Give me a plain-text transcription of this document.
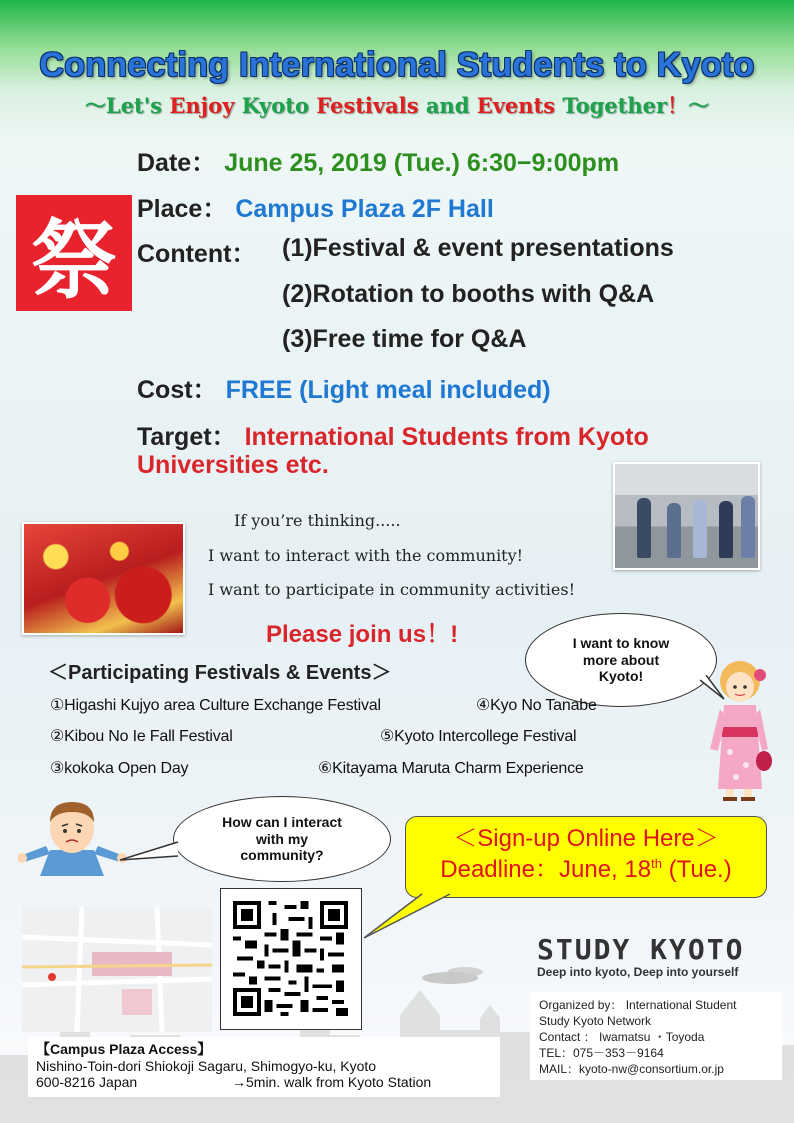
Connecting International Students to Kyoto
～Let's Enjoy Kyoto Festivals and Events Together！～
祭
Date： June 25, 2019 (Tue.) 6:30−9:00pm
Place： Campus Plaza 2F Hall
Content： (1)Festival & event presentations
(2)Rotation to booths with Q&A
(3)Free time for Q&A
Cost： FREE (Light meal included)
Target： International Students from Kyoto
Universities etc.
If you’re thinking.....
I want to interact with the community!
I want to participate in community activities!
Please join us！!	I want to know more about Kyoto!
＜Participating Festivals & Events＞
①Higashi Kujyo area Culture Exchange Festival
②Kibou No Ie Fall Festival
③kokoka Open Day
④Kyo No Tanabe
⑤Kyoto Intercollege Festival
⑥Kitayama Maruta Charm Experience
How can I interact with my community?
＜Sign-up Online Here＞
Deadline：June, 18th (Tue.)
STUDY KYOTO
Deep into kyoto, Deep into yourself
Organized by： International Student
Study Kyoto Network
Contact ： Iwamatsu ・Toyoda
TEL：075－353－9164
MAIL：kyoto-nw@consortium.or.jp
【Campus Plaza Access】
Nishino-Toin-dori Shiokoji Sagaru, Shimogyo-ku, Kyoto
600-8216 Japan	→5min. walk from Kyoto Station
